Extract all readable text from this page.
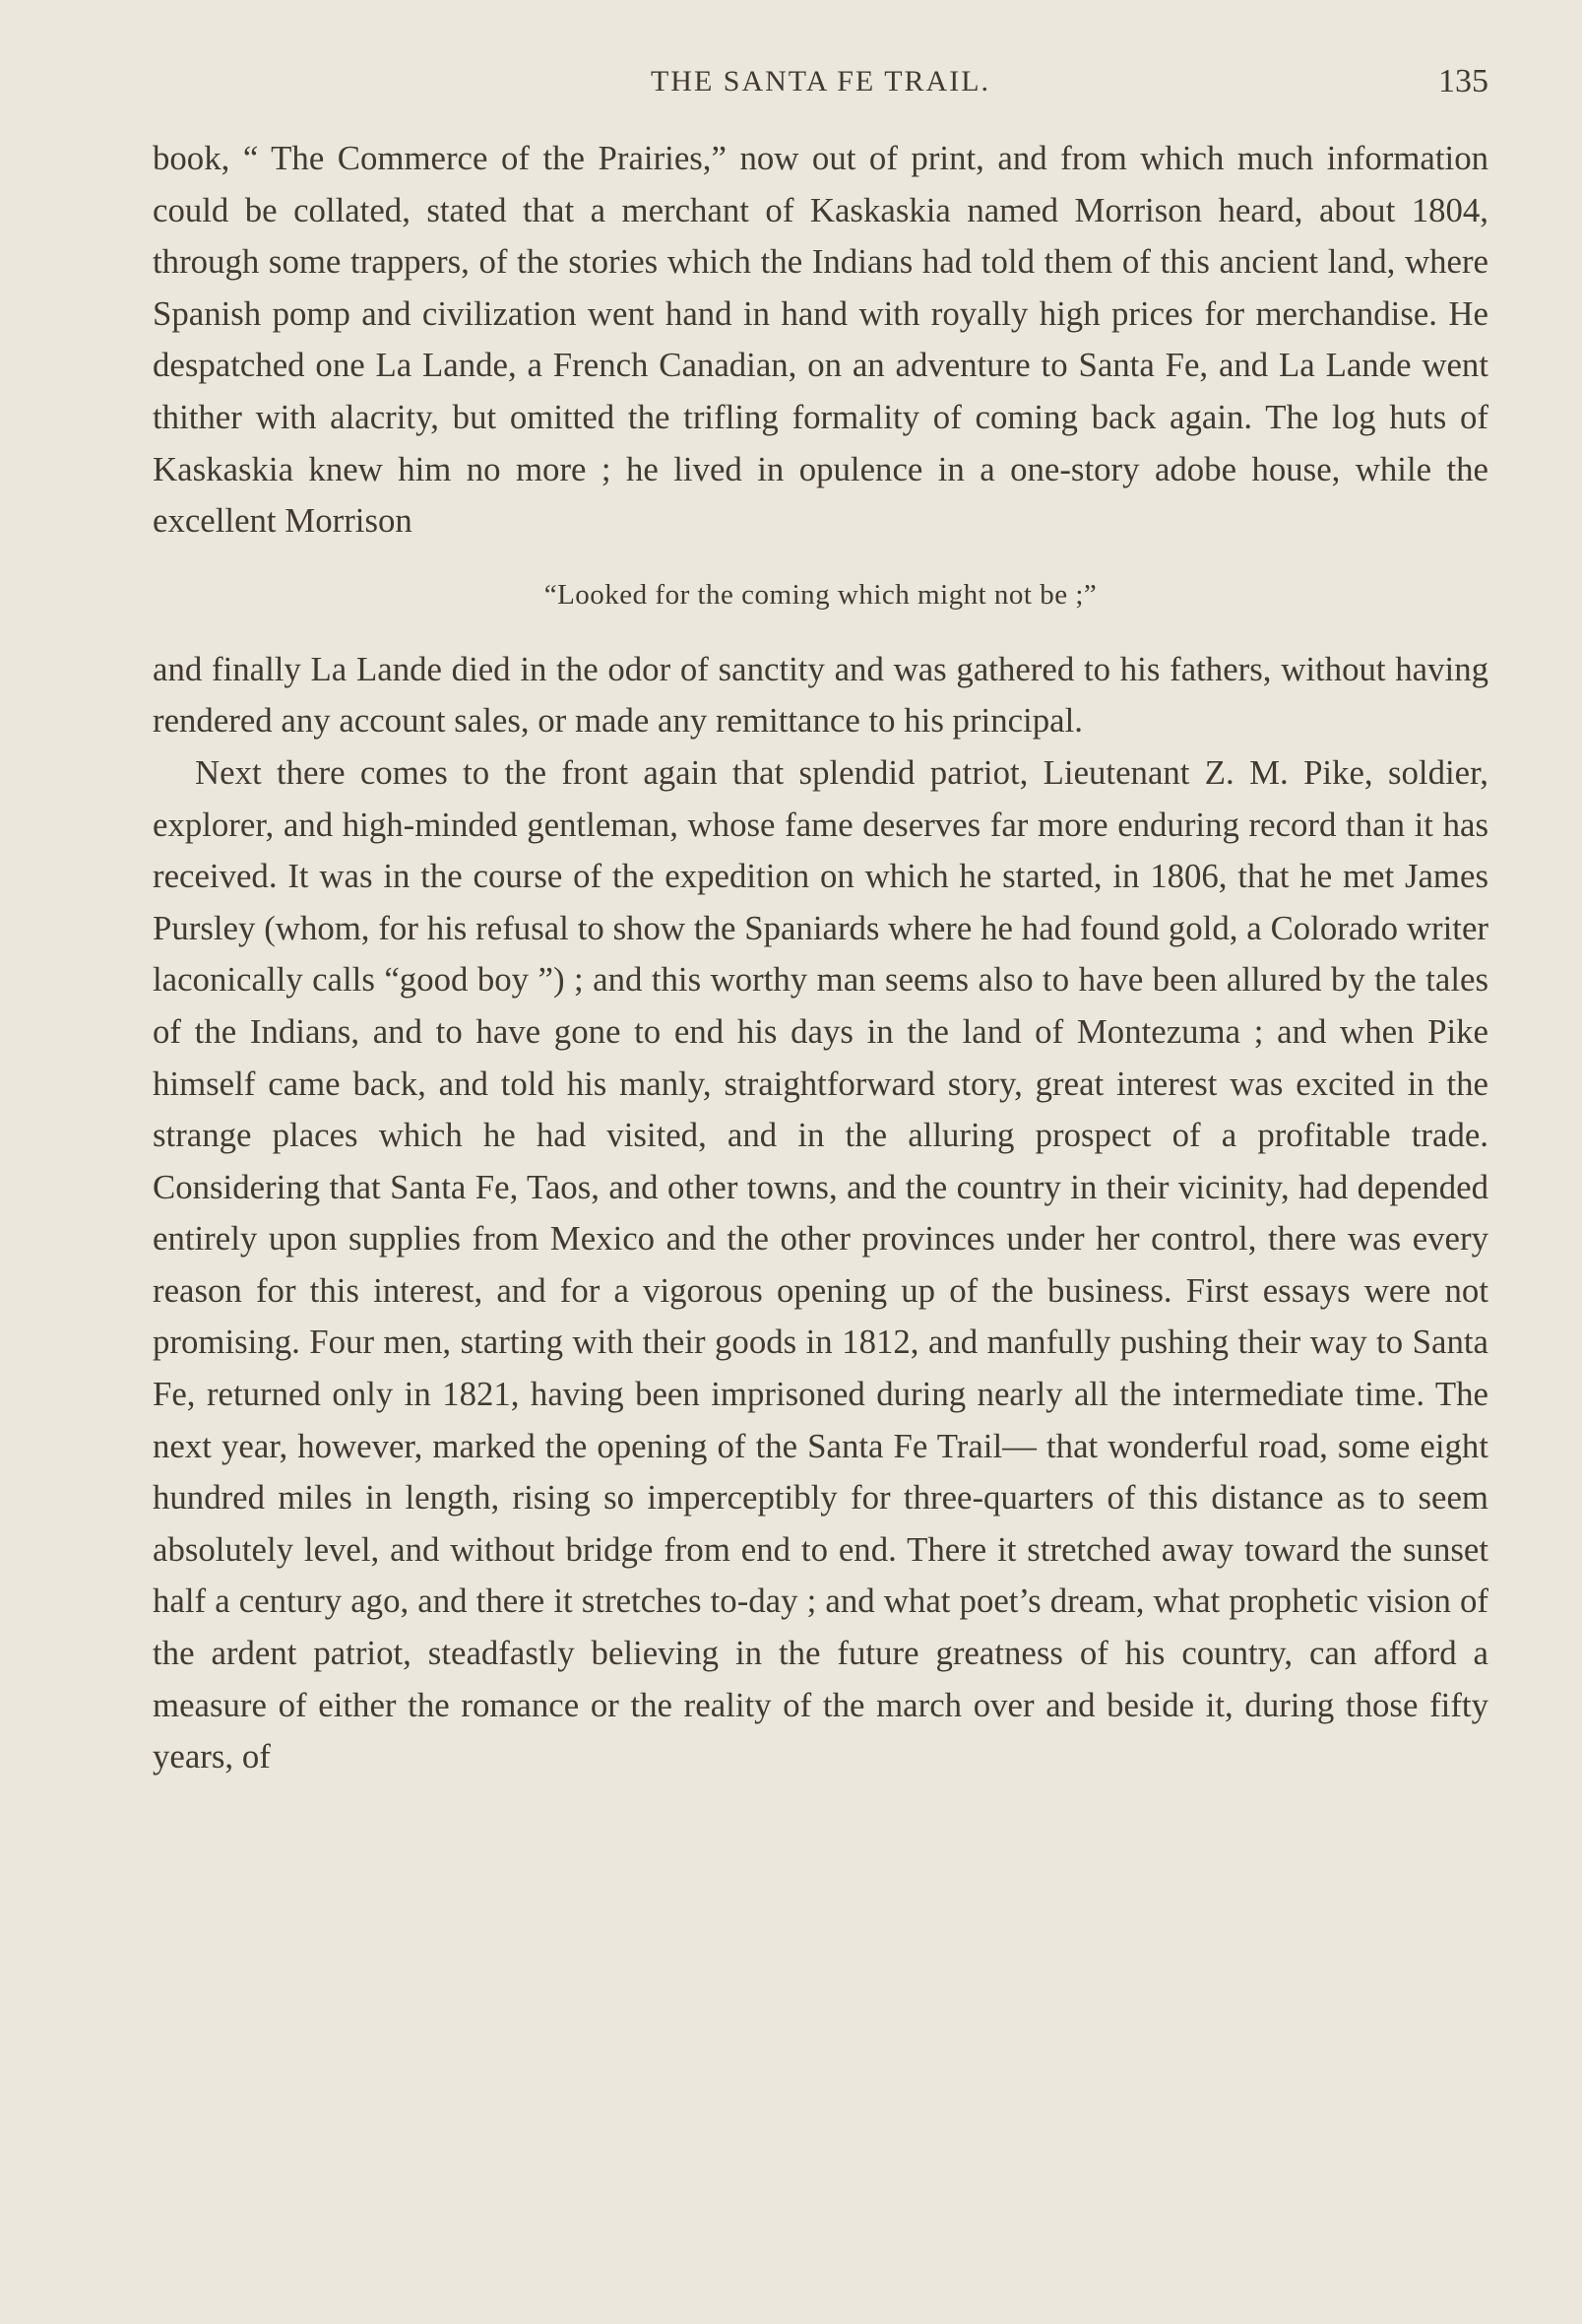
THE SANTA FE TRAIL.	135

book, “ The Commerce of the Prairies,” now out of print, and from which much information could be collated, stated that a merchant of Kaskaskia named Morrison heard, about 1804, through some trappers, of the stories which the Indians had told them of this ancient land, where Spanish pomp and civilization went hand in hand with royally high prices for merchandise. He despatched one La Lande, a French Canadian, on an adventure to Santa Fe, and La Lande went thither with alacrity, but omitted the trifling formality of coming back again. The log huts of Kaskaskia knew him no more ; he lived in opulence in a one-story adobe house, while the excellent Morrison

“Looked for the coming which might not be ;”

and finally La Lande died in the odor of sanctity and was gathered to his fathers, without having rendered any account sales, or made any remittance to his principal.

Next there comes to the front again that splendid patriot, Lieutenant Z. M. Pike, soldier, explorer, and high-minded gentleman, whose fame deserves far more enduring record than it has received. It was in the course of the expedition on which he started, in 1806, that he met James Pursley (whom, for his refusal to show the Spaniards where he had found gold, a Colorado writer laconically calls “good boy ”) ; and this worthy man seems also to have been allured by the tales of the Indians, and to have gone to end his days in the land of Montezuma ; and when Pike himself came back, and told his manly, straightforward story, great interest was excited in the strange places which he had visited, and in the alluring prospect of a profitable trade. Considering that Santa Fe, Taos, and other towns, and the country in their vicinity, had depended entirely upon supplies from Mexico and the other provinces under her control, there was every reason for this interest, and for a vigorous opening up of the business. First essays were not promising. Four men, starting with their goods in 1812, and manfully pushing their way to Santa Fe, returned only in 1821, having been imprisoned during nearly all the intermediate time. The next year, however, marked the opening of the Santa Fe Trail— that wonderful road, some eight hundred miles in length, rising so imperceptibly for three-quarters of this distance as to seem absolutely level, and without bridge from end to end. There it stretched away toward the sunset half a century ago, and there it stretches to-day ; and what poet’s dream, what prophetic vision of the ardent patriot, steadfastly believing in the future greatness of his country, can afford a measure of either the romance or the reality of the march over and beside it, during those fifty years, of
